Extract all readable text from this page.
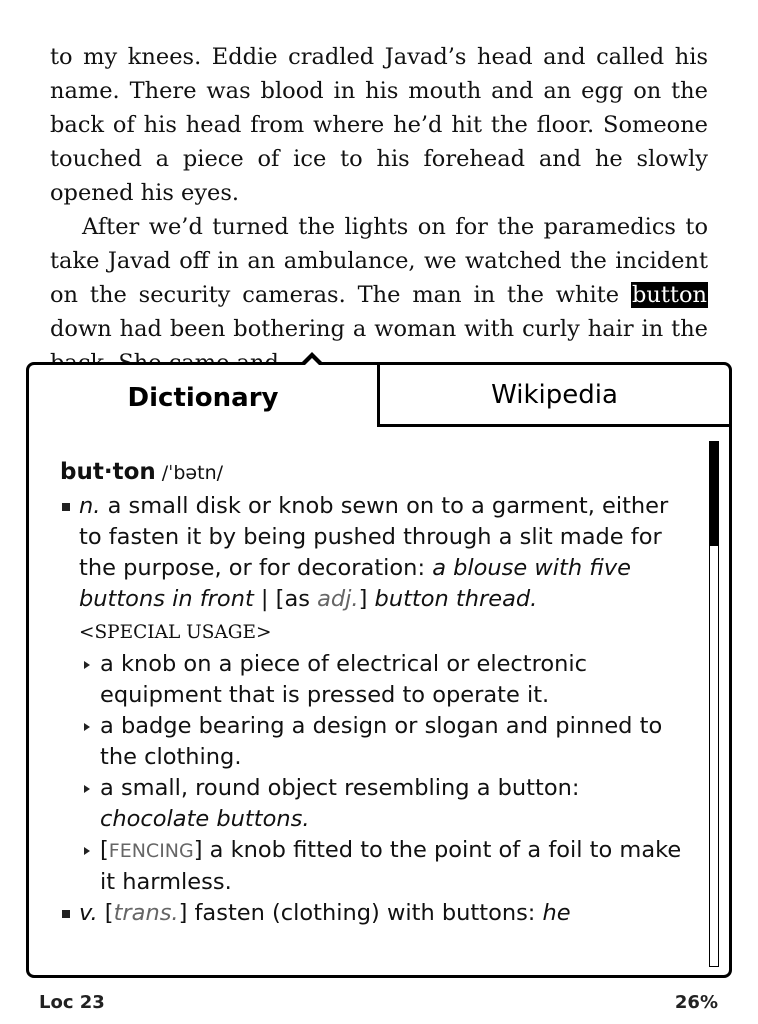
to my knees. Eddie cradled Javad’s head and called his name. There was blood in his mouth and an egg on the back of his head from where he’d hit the floor. Someone touched a piece of ice to his forehead and he slowly opened his eyes.

After we’d turned the lights on for the paramedics to take Javad off in an ambulance, we watched the incident on the security cameras. The man in the white button down had been bothering a woman with curly hair in the

Dictionary	Wikipedia
but·ton /ˈbətn/
n. a small disk or knob sewn on to a garment, either to fasten it by being pushed through a slit made for the purpose, or for decoration: a blouse with five buttons in front | [as adj.] button thread.
<SPECIAL USAGE>
a knob on a piece of electrical or electronic equipment that is pressed to operate it.
a badge bearing a design or slogan and pinned to the clothing.
a small, round object resembling a button: chocolate buttons.
[FENCING] a knob fitted to the point of a foil to make it harmless.
v. [trans.] fasten (clothing) with buttons: he
Loc 23	26%
